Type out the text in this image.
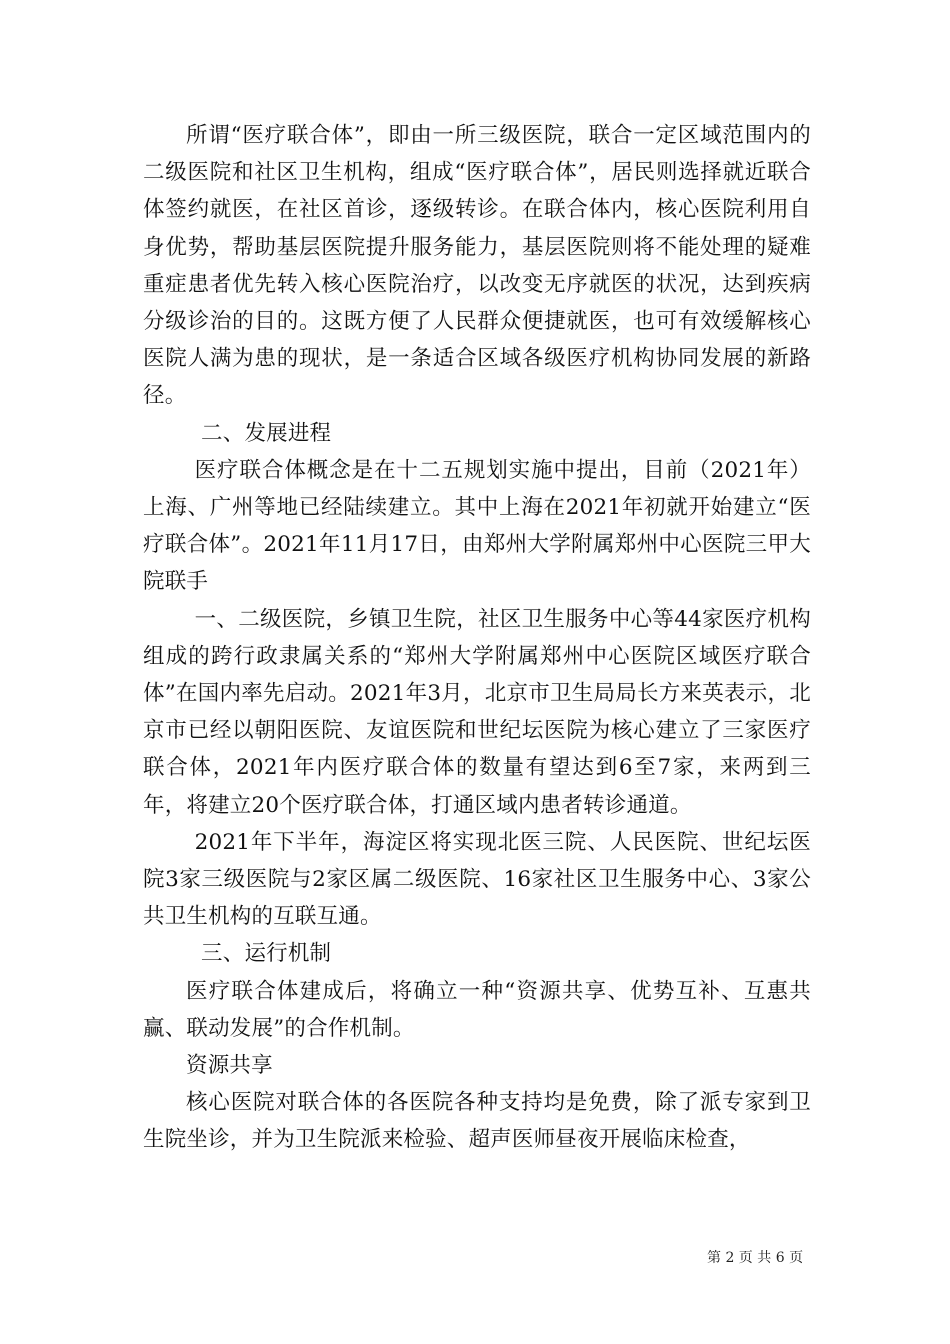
所谓“医疗联合体”，即由一所三级医院，联合一定区域范围内的二级医院和社区卫生机构，组成“医疗联合体”，居民则选择就近联合体签约就医，在社区首诊，逐级转诊。在联合体内，核心医院利用自身优势，帮助基层医院提升服务能力，基层医院则将不能处理的疑难重症患者优先转入核心医院治疗，以改变无序就医的状况，达到疾病分级诊治的目的。这既方便了人民群众便捷就医，也可有效缓解核心医院人满为患的现状，是一条适合区域各级医疗机构协同发展的新路径。

二、发展进程

医疗联合体概念是在十二五规划实施中提出，目前（2021年）上海、广州等地已经陆续建立。其中上海在2021年初就开始建立“医疗联合体”。2021年11月17日，由郑州大学附属郑州中心医院三甲大院联手

一、二级医院，乡镇卫生院，社区卫生服务中心等44家医疗机构组成的跨行政隶属关系的“郑州大学附属郑州中心医院区域医疗联合体”在国内率先启动。2021年3月，北京市卫生局局长方来英表示，北京市已经以朝阳医院、友谊医院和世纪坛医院为核心建立了三家医疗联合体，2021年内医疗联合体的数量有望达到6至7家，来两到三年，将建立20个医疗联合体，打通区域内患者转诊通道。

2021年下半年，海淀区将实现北医三院、人民医院、世纪坛医院3家三级医院与2家区属二级医院、16家社区卫生服务中心、3家公共卫生机构的互联互通。

三、运行机制

医疗联合体建成后，将确立一种“资源共享、优势互补、互惠共赢、联动发展”的合作机制。

资源共享

核心医院对联合体的各医院各种支持均是免费，除了派专家到卫生院坐诊，并为卫生院派来检验、超声医师昼夜开展临床检查，

第 2 页 共 6 页
